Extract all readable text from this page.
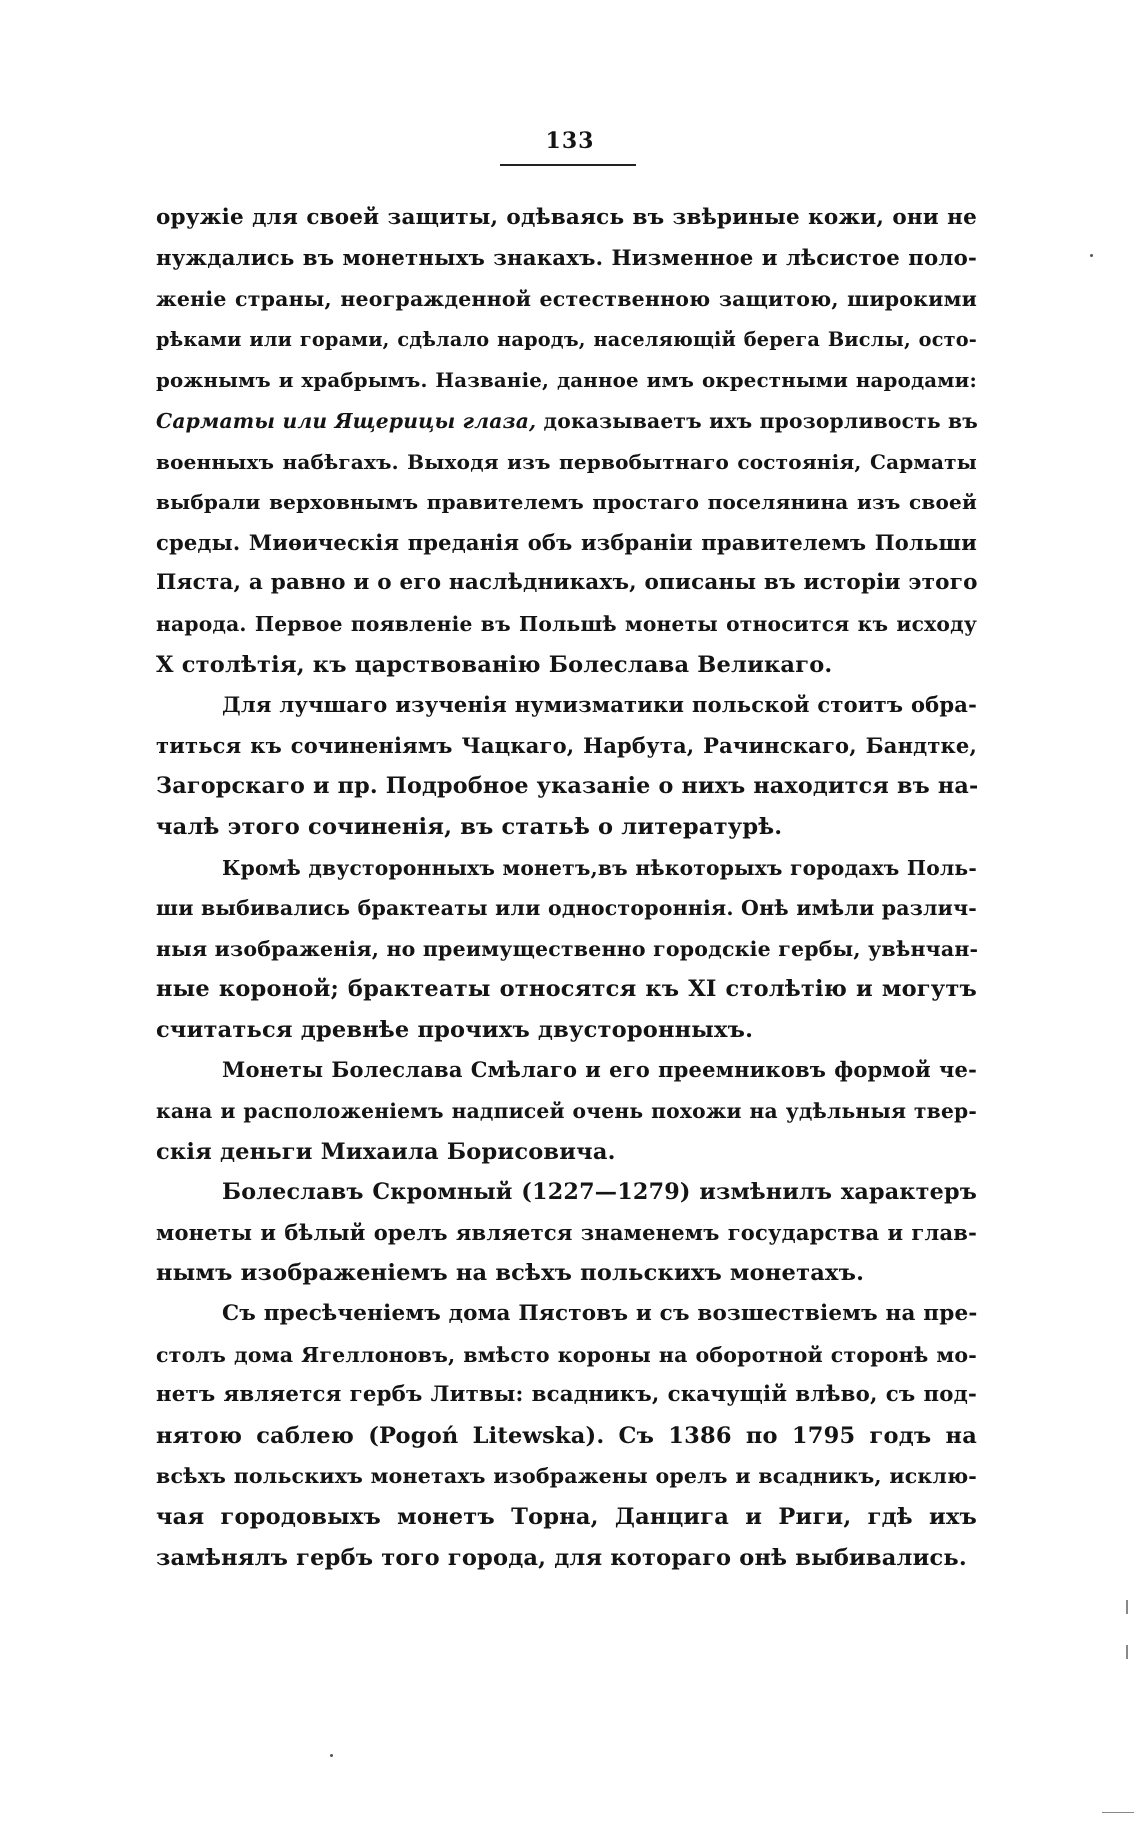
133
оружіе для своей защиты, одѣваясь въ звѣриные кожи, они не
нуждались въ монетныхъ знакахъ. Низменное и лѣсистое поло-
женіе страны, неогражденной естественною защитою, широкими
рѣками или горами, сдѣлало народъ, населяющій берега Вислы, осто-
рожнымъ и храбрымъ. Названіе, данное имъ окрестными народами:
Сарматы или Ящерицы глаза, доказываетъ ихъ прозорливость въ
военныхъ набѣгахъ. Выходя изъ первобытнаго состоянія, Сарматы
выбрали верховнымъ правителемъ простаго поселянина изъ своей
среды. Миѳическія преданія объ избраніи правителемъ Польши
Пяста, а равно и о его наслѣдникахъ, описаны въ исторіи этого
народа. Первое появленіе въ Польшѣ монеты относится къ исходу
X столѣтія, къ царствованію Болеслава Великаго.
Для лучшаго изученія нумизматики польской стоитъ обра-
титься къ сочиненіямъ Чацкаго, Нарбута, Рачинскаго, Бандтке,
Загорскаго и пр. Подробное указаніе о нихъ находится въ на-
чалѣ этого сочиненія, въ статьѣ о литературѣ.
Кромѣ двусторонныхъ монетъ,въ нѣкоторыхъ городахъ Поль-
ши выбивались брактеаты или одностороннія. Онѣ имѣли различ-
ныя изображенія, но преимущественно городскіе гербы, увѣнчан-
ные короной; брактеаты относятся къ XI столѣтію и могутъ
считаться древнѣе прочихъ двусторонныхъ.
Монеты Болеслава Смѣлаго и его преемниковъ формой че-
кана и расположеніемъ надписей очень похожи на удѣльныя твер-
скія деньги Михаила Борисовича.
Болеславъ Скромный (1227—1279) измѣнилъ характеръ
монеты и бѣлый орелъ является знаменемъ государства и глав-
нымъ изображеніемъ на всѣхъ польскихъ монетахъ.
Съ пресѣченіемъ дома Пястовъ и съ возшествіемъ на пре-
столъ дома Ягеллоновъ, вмѣсто короны на оборотной сторонѣ мо-
нетъ является гербъ Литвы: всадникъ, скачущій влѣво, съ под-
нятою саблею (Pogoń Litewska). Съ 1386 по 1795 годъ на
всѣхъ польскихъ монетахъ изображены орелъ и всадникъ, исклю-
чая городовыхъ монетъ Торна, Данцига и Риги, гдѣ ихъ
замѣнялъ гербъ того города, для котораго онѣ выбивались.
